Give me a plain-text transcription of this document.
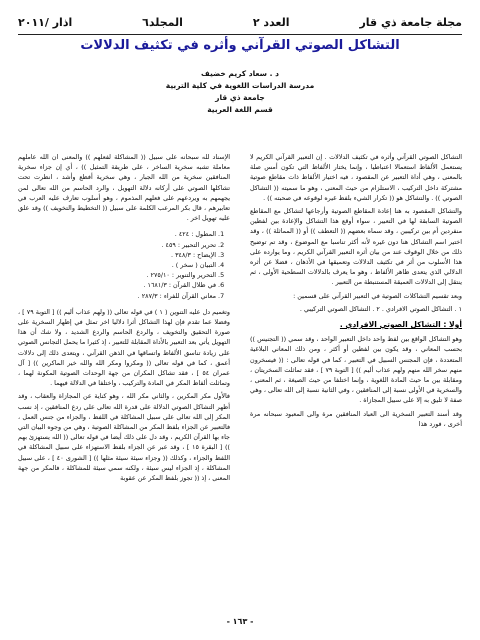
مجلة جامعة ذي قار
العدد ٢
المجلد٦
اذار /٢٠١١
التشاكل الصوتي القرآني وأثره في تكثيف الدلالات
د . سعاد كريم خضيف
مدرسة الدراسات اللغوية في كلية التربية
جامعة ذي قار
قسم اللغة العربية

التشاكل الصوتي القرآني وأثره في تكثيف الدلالات . إن التعبير القرآني الكريم لا يستعمل الألفاظ استعمالا اعتباطيا ، وإنما يختار الألفاظ التي تكون أمس صلة بالمعنى ، وهي أداة التعبير عن المقصود ، فيه اختيار الألفاظ ذات مقاطع صوتية مشتركة داخل التركيب ، الاستلزام من حيث المعنى ، وهو ما سميته (( التشاكل الصوتي )) . والتشاكل هو (( تكرار الشيء بلفظ غيره لوقوعه في صحبته )) .

والتشاكل المقصود به هنا إعادة المقاطع الصوتية وأرجاعها لتشاكل مع المقاطع الصوتية السابقة لها في التعبير ، سواء أوقع هذا التشاكل والإعادة بين لفظين منفردين أم بين تركيبين ، وقد سماه بعضهم (( التعطف )) أو (( المماثلة )) ، وقد اختير اسم التشاكل هنا دون غيره لأنه أكثر تناسبا مع الموضوع ، وقد تم توضيح ذلك من خلال الوقوف عند من بيان أثره التعبير القرآني الكريم ، وما يوارده على هذا الأسلوب من أثر في تكثيف الدلالات وتعميقها في الأذهان ، فضلا عن أثره الدلالي الذي يتعدى ظاهر الألفاظ ، وهو ما يعرف بالدلالات السطحية الأولى ، ثم ينتقل إلى الدلالات العميقة المستنبطة من التعبير .

وبعد تقسيم التشاكلات الصوتية في التعبير القرآني على قسمين :

١ . التشاكل الصوتي الافرادي . ٢ . التشاكل الصوتي التركيبي .

أولا : التشاكل الصوتي الافرادي .

وهو التشاكل الواقع بين لفظ واحد داخل التعبير الواحد ، وقد سمي (( التجنيس )) بحسب المعاني ، وقد يكون بين لفظين أو أكثر ، ومن ذلك المعاني البلاغية المتعددة ، فإن المجنس السبيل في التعبير ، كما في قوله تعالى : (( فيسخرون منهم سخر الله منهم ولهم عذاب أليم )) [ التوبة ٧٩ ] ، فقد تماثلت السخريتان ، ومقابلة بين ما حيث المادة اللغوية ، وإنما اختلفا من حيث الصيغة ، ثم المعنى ، والسخرية في الأولى نسبة إلى المنافقين ، وفي الثانية نسبة إلى الله تعالى ، وهي صفة لا تليق به إلا على سبيل المجازاة .

وقد أسند التعبير السخرية الى العباد المنافقين مرة والى المعبود سبحانه مرة أخرى ، فورد هذا

الإسناد لله سبحانه على سبيل (( المشاكلة لفعلهم )) والمعنى ان الله عاملهم معاملة تشبه سخرية الساخر ، على طريقة التمثيل )) ، أي إن جزاء سخرية المنافقين سخرية من الله الجبار ، وهي سخرية أفظع وأشد ، انظرت تحت تشاكلها الصوتي على أركانه دلالة التهويل ، والرد الحاسم من الله تعالى لمن يجهمهم به ويردعهم على فعلهم المذموم ، وهو أسلوب تعارف عليه العرب في تعابيرهم ، قال بكر المرعب الكلمة على سبيل (( التخطيط والتخويف )) وقد علق عليه تهويل اخر .

1. المطول : ٤٢٤ .
2. تحرير التحبير : ٤٥٩ .
3. الإيضاح : ٣٤٨/٣ .
4. التبيان ( سخر ) .
5. التحرير والتنوير : ٢٧٥/١٠ .
6. في ظلال القرآن : ١٦٨١/٣ .
7. معاني القرآن للفراء : ٢٨٧/٣ .

وتغميم دل عليه التنوين ( ١ ) في قوله تعالى (( ولهم عذاب أليم )) [ التوبة ٧٩ ] ، وفضلا عما تقدم فإن لهذا التشاكل أثرا دلاليا اخر تمثل في إظهار السخرية على صورة التحقيق والتخويف ، والردع الحاسم والردع الشديد ، ولا شك أن هذا التهويل يأتي بعد التعبير بالأداة المقابلة للتعبير ، إذ كثيرا ما يحمل التجانس الصوتي على زيادة تناسق الألفاظ واتساقها في الذهن القرآني ، ويتعدى ذلك إلى دلالات أعمق ، كما في قوله تعالى (( ومكروا ومكر الله والله خير الماكرين )) [ آل عمران ٥٤ ] ، فقد تشاكل المكران من جهة الوحدات الصوتية المكونة لهما ، وتماثلت ألفاظ المكر في المادة والتركيب ، واختلفا في الدلالة فيهما .

فالأول مكر المكرين ، والثاني مكر الله ، وهو كناية عن المجازاة والعقاب ، وقد أظهر التشاكل الصوتي الدلالة على قدرة الله تعالى على ردع المنافقين ، إذ نسب المكر إلى الله تعالى على سبيل المشاكلة في اللفظ ، والجزاء من جنس العمل ، فالتعبير عن الجزاء بلفظ المكر من المشاكلة الصوتية ، وهي من وجوه البيان التي جاء بها القرآن الكريم ، وقد دل على ذلك أيضا في قوله تعالى (( الله يستهزئ بهم )) [ البقرة ١٥ ] ، وقد عبر عن الجزاء بلفظ الاستهزاء على سبيل المشاكلة في اللفظ والجزاء ، وكذلك (( وجزاء سيئة سيئة مثلها )) [ الشورى ٤٠ ] ، على سبيل المشاكلة ، إذ الجزاء ليس سيئة ، ولكنه سمي سيئة للمشاكلة ، فالمكر من جهة المعنى ، إذ (( تجوز بلفظ المكر عن عقوبة

- ١٦٣ -
